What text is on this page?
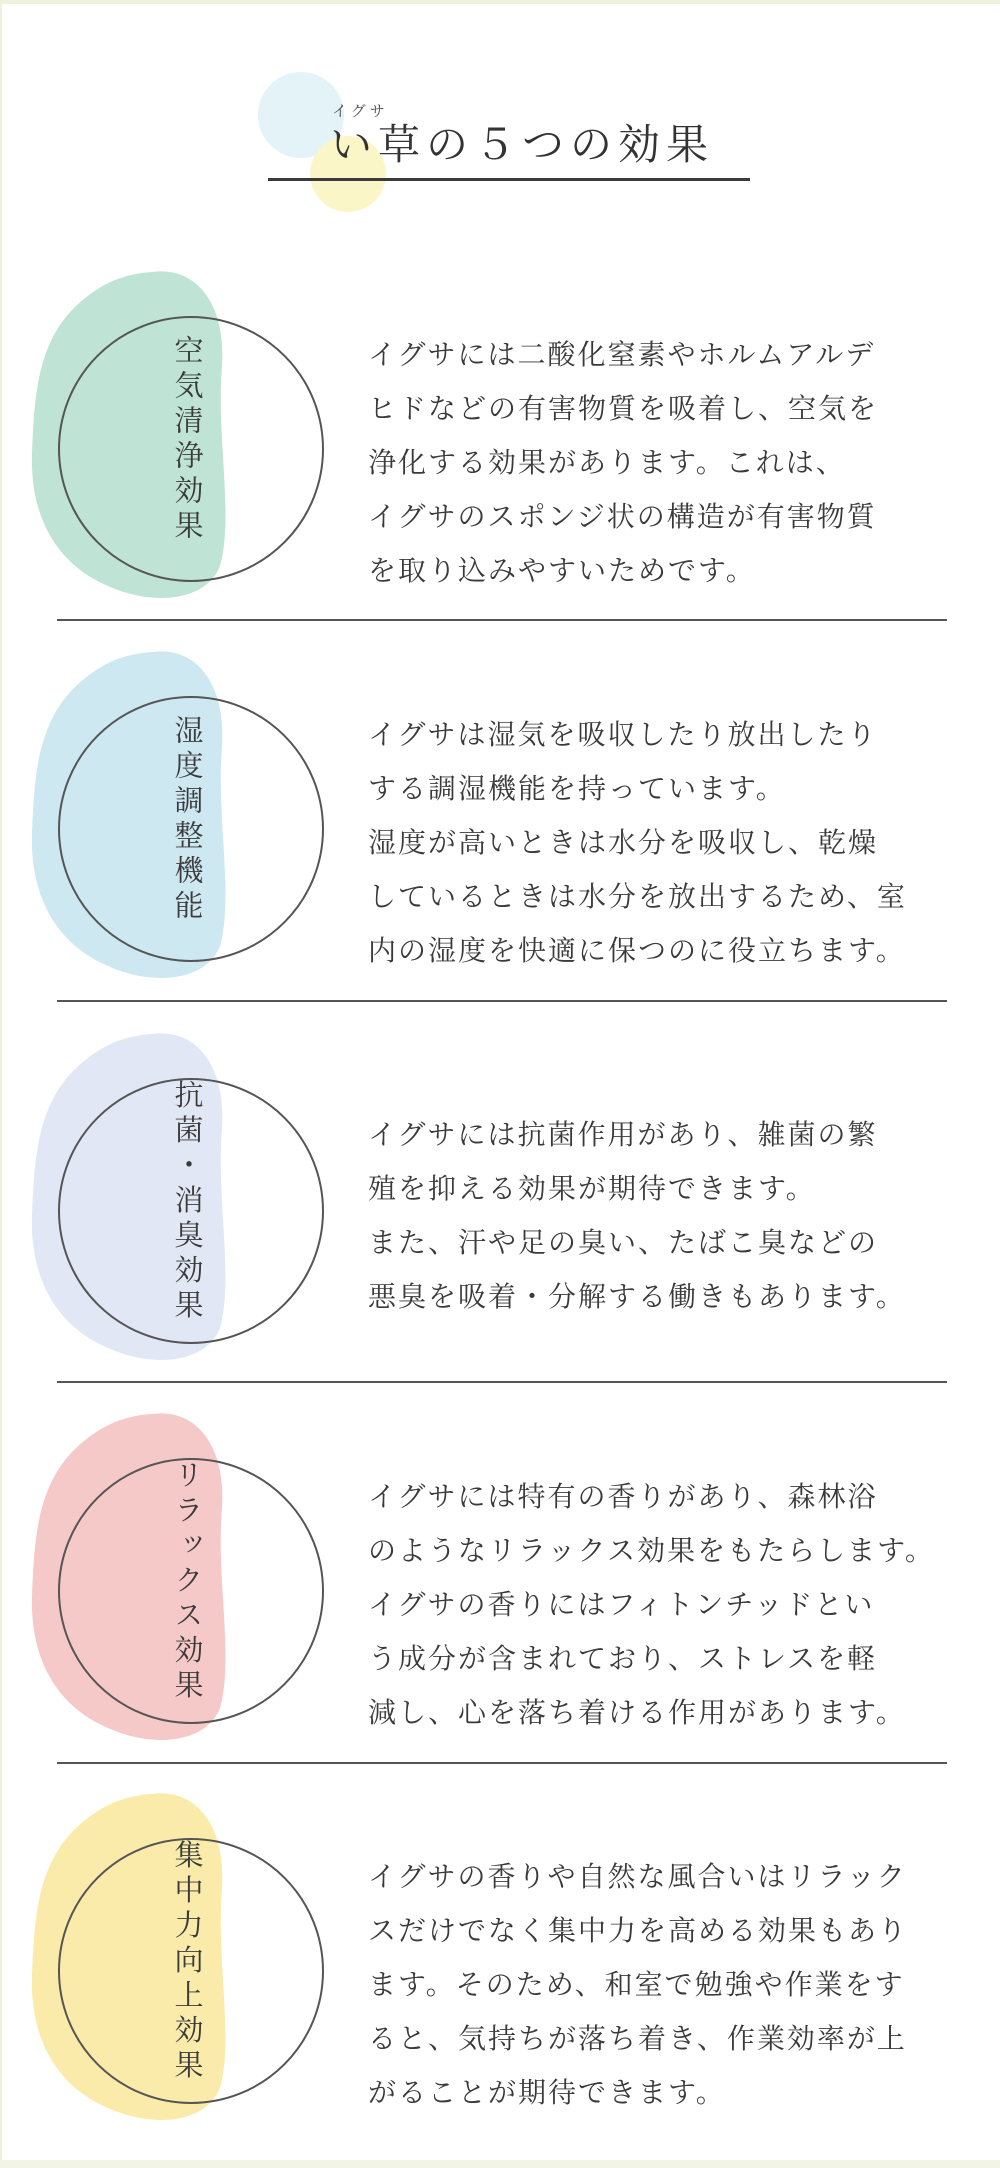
イグサ
い草の５つの効果
空気清浄効果	イグサには二酸化窒素やホルムアルデ
ヒドなどの有害物質を吸着し、空気を
浄化する効果があります。これは、
イグサのスポンジ状の構造が有害物質
を取り込みやすいためです。
湿度調整機能	イグサは湿気を吸収したり放出したり
する調湿機能を持っています。
湿度が高いときは水分を吸収し、乾燥
しているときは水分を放出するため、室
内の湿度を快適に保つのに役立ちます。
抗菌・消臭効果	イグサには抗菌作用があり、雑菌の繁
殖を抑える効果が期待できます。
また、汗や足の臭い、たばこ臭などの
悪臭を吸着・分解する働きもあります。
リラックス効果	イグサには特有の香りがあり、森林浴
のようなリラックス効果をもたらします。
イグサの香りにはフィトンチッドとい
う成分が含まれており、ストレスを軽
減し、心を落ち着ける作用があります。
集中力向上効果	イグサの香りや自然な風合いはリラック
スだけでなく集中力を高める効果もあり
ます。そのため、和室で勉強や作業をす
ると、気持ちが落ち着き、作業効率が上
がることが期待できます。
